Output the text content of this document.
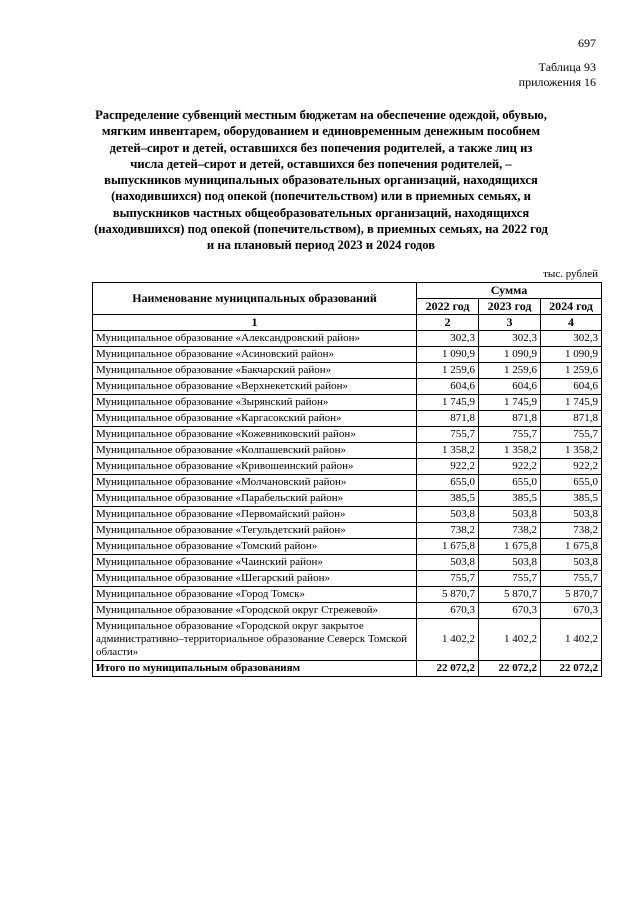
697
Таблица 93
приложения 16
Распределение субвенций местным бюджетам на обеспечение одеждой, обувью, мягким инвентарем, оборудованием и единовременным денежным пособием детей–сирот и детей, оставшихся без попечения родителей, а также лиц из числа детей–сирот и детей, оставшихся без попечения родителей, – выпускников муниципальных образовательных организаций, находящихся (находившихся) под опекой (попечительством) или в приемных семьях, и выпускников частных общеобразовательных организаций, находящихся (находившихся) под опекой (попечительством), в приемных семьях, на 2022 год и на плановый период 2023 и 2024 годов
тыс. рублей
Наименование муниципальных образований	Сумма		
	2022 год	2023 год	2024 год
1	2	3	4
Муниципальное образование «Александровский район»	302,3	302,3	302,3
Муниципальное образование «Асиновский район»	1 090,9	1 090,9	1 090,9
Муниципальное образование «Бакчарский район»	1 259,6	1 259,6	1 259,6
Муниципальное образование «Верхнекетский район»	604,6	604,6	604,6
Муниципальное образование «Зырянский район»	1 745,9	1 745,9	1 745,9
Муниципальное образование «Каргасокский район»	871,8	871,8	871,8
Муниципальное образование «Кожевниковский район»	755,7	755,7	755,7
Муниципальное образование «Колпашевский район»	1 358,2	1 358,2	1 358,2
Муниципальное образование «Кривошеинский район»	922,2	922,2	922,2
Муниципальное образование «Молчановский район»	655,0	655,0	655,0
Муниципальное образование «Парабельский район»	385,5	385,5	385,5
Муниципальное образование «Первомайский район»	503,8	503,8	503,8
Муниципальное образование «Тегульдетский район»	738,2	738,2	738,2
Муниципальное образование «Томский район»	1 675,8	1 675,8	1 675,8
Муниципальное образование «Чаинский район»	503,8	503,8	503,8
Муниципальное образование «Шегарский район»	755,7	755,7	755,7
Муниципальное образование «Город Томск»	5 870,7	5 870,7	5 870,7
Муниципальное образование «Городской округ Стрежевой»	670,3	670,3	670,3
Муниципальное образование «Городской округ закрытое административно–территориальное образование Северск Томской области»	1 402,2	1 402,2	1 402,2
Итого по муниципальным образованиям	22 072,2	22 072,2	22 072,2
